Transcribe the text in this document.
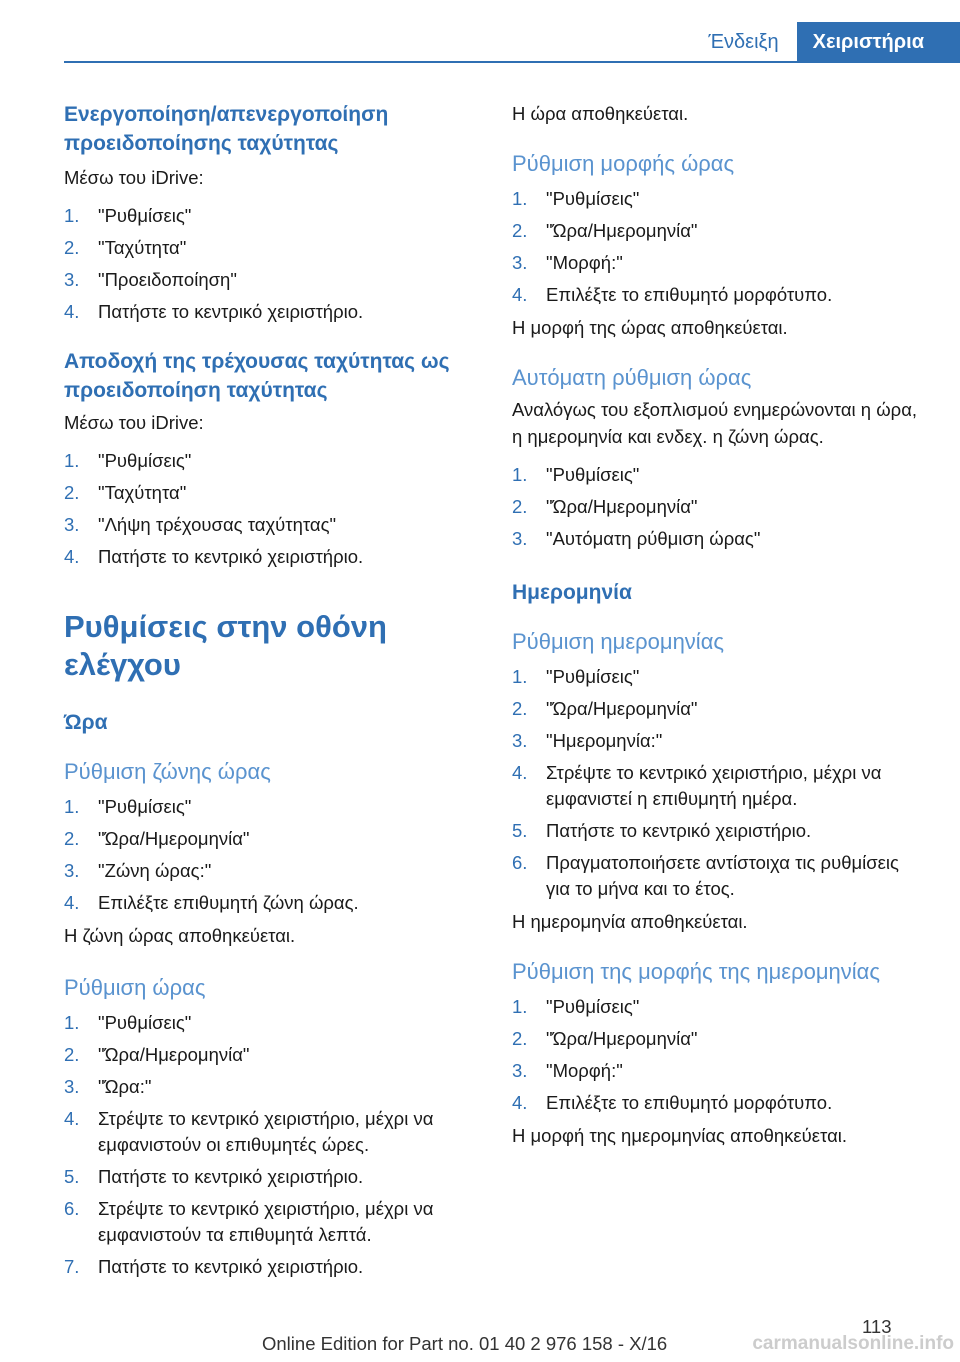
Ένδειξη	Χειριστήρια
Ενεργοποίηση/απενεργοποίηση προειδοποίησης ταχύτητας
Μέσω του iDrive:
1.	"Ρυθμίσεις"
2.	"Ταχύτητα"
3.	"Προειδοποίηση"
4.	Πατήστε το κεντρικό χειριστήριο.
Αποδοχή της τρέχουσας ταχύτητας ως προειδοποίηση ταχύτητας
Μέσω του iDrive:
1.	"Ρυθμίσεις"
2.	"Ταχύτητα"
3.	"Λήψη τρέχουσας ταχύτητας"
4.	Πατήστε το κεντρικό χειριστήριο.
Ρυθμίσεις στην οθόνη ελέγχου
Ώρα
Ρύθμιση ζώνης ώρας
1.	"Ρυθμίσεις"
2.	"Ώρα/Ημερομηνία"
3.	"Ζώνη ώρας:"
4.	Επιλέξτε επιθυμητή ζώνη ώρας.
Η ζώνη ώρας αποθηκεύεται.
Ρύθμιση ώρας
1.	"Ρυθμίσεις"
2.	"Ώρα/Ημερομηνία"
3.	"Ώρα:"
4.	Στρέψτε το κεντρικό χειριστήριο, μέχρι να εμφανιστούν οι επιθυμητές ώρες.
5.	Πατήστε το κεντρικό χειριστήριο.
6.	Στρέψτε το κεντρικό χειριστήριο, μέχρι να εμφανιστούν τα επιθυμητά λεπτά.
7.	Πατήστε το κεντρικό χειριστήριο.
Η ώρα αποθηκεύεται.
Ρύθμιση μορφής ώρας
1.	"Ρυθμίσεις"
2.	"Ώρα/Ημερομηνία"
3.	"Μορφή:"
4.	Επιλέξτε το επιθυμητό μορφότυπο.
Η μορφή της ώρας αποθηκεύεται.
Αυτόματη ρύθμιση ώρας
Αναλόγως του εξοπλισμού ενημερώνονται η ώρα, η ημερομηνία και ενδεχ. η ζώνη ώρας.
1.	"Ρυθμίσεις"
2.	"Ώρα/Ημερομηνία"
3.	"Αυτόματη ρύθμιση ώρας"
Ημερομηνία
Ρύθμιση ημερομηνίας
1.	"Ρυθμίσεις"
2.	"Ώρα/Ημερομηνία"
3.	"Ημερομηνία:"
4.	Στρέψτε το κεντρικό χειριστήριο, μέχρι να εμφανιστεί η επιθυμητή ημέρα.
5.	Πατήστε το κεντρικό χειριστήριο.
6.	Πραγματοποιήσετε αντίστοιχα τις ρυθμίσεις για το μήνα και το έτος.
Η ημερομηνία αποθηκεύεται.
Ρύθμιση της μορφής της ημερομηνίας
1.	"Ρυθμίσεις"
2.	"Ώρα/Ημερομηνία"
3.	"Μορφή:"
4.	Επιλέξτε το επιθυμητό μορφότυπο.
Η μορφή της ημερομηνίας αποθηκεύεται.
113
Online Edition for Part no. 01 40 2 976 158 - X/16	carmanualsonline.info
